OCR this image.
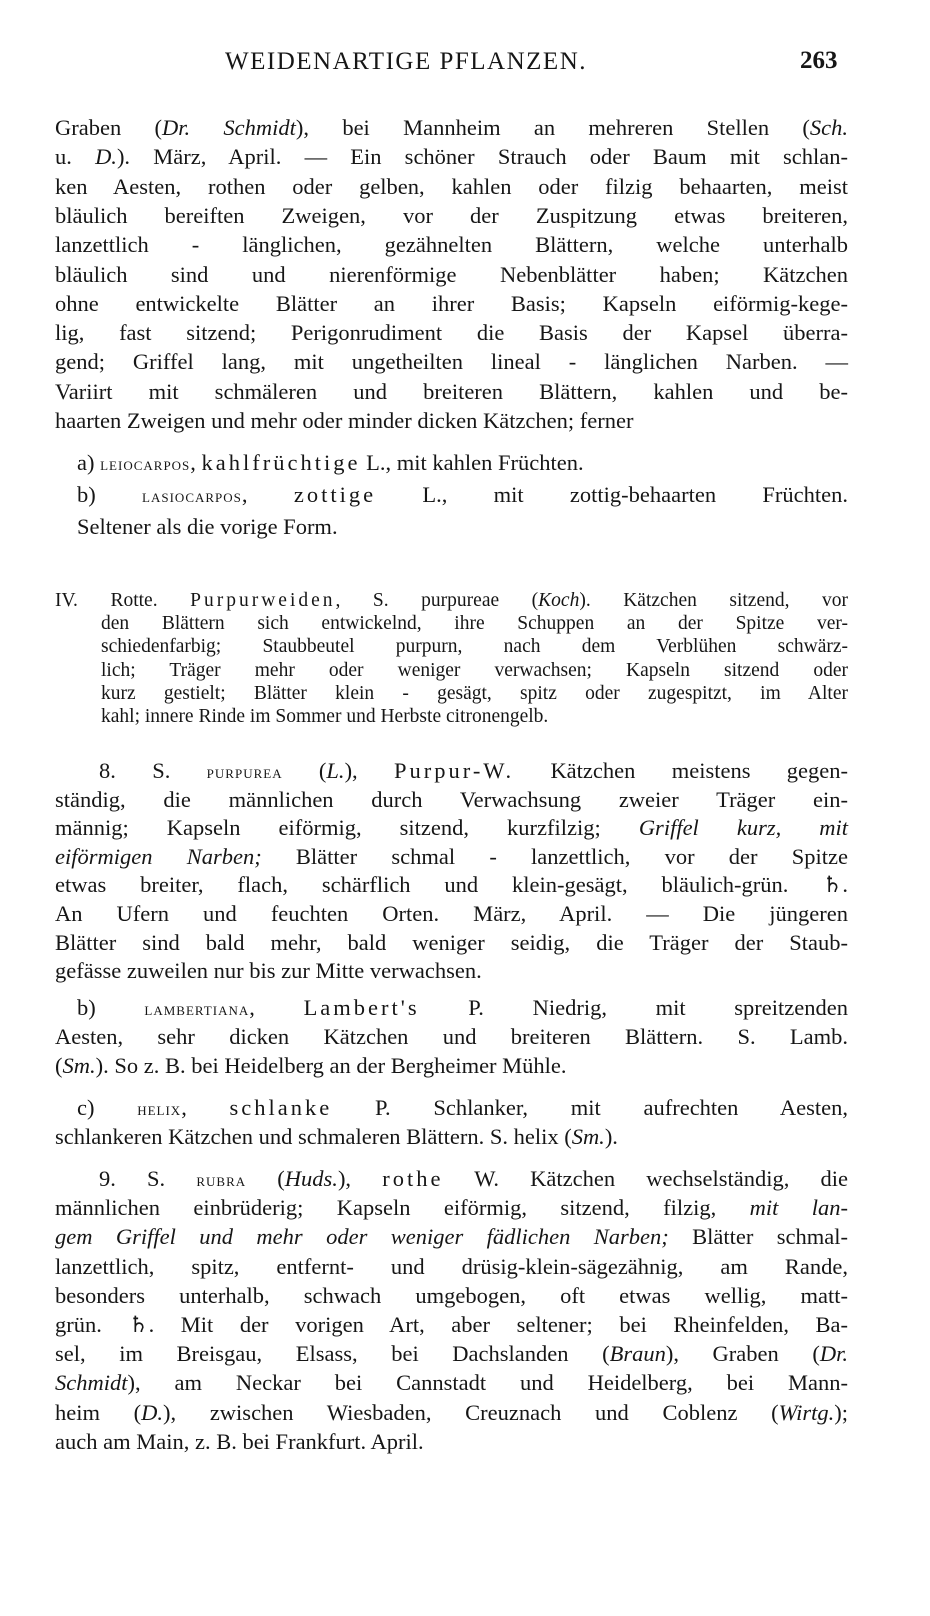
WEIDENARTIGE PFLANZEN.	263
Graben (Dr. Schmidt), bei Mannheim an mehreren Stellen (Sch.
u. D.). März, April. — Ein schöner Strauch oder Baum mit schlan-
ken Aesten, rothen oder gelben, kahlen oder filzig behaarten, meist
bläulich bereiften Zweigen, vor der Zuspitzung etwas breiteren,
lanzettlich - länglichen, gezähnelten Blättern, welche unterhalb
bläulich sind und nierenförmige Nebenblätter haben; Kätzchen
ohne entwickelte Blätter an ihrer Basis; Kapseln eiförmig-kege-
lig, fast sitzend; Perigonrudiment die Basis der Kapsel überra-
gend; Griffel lang, mit ungetheilten lineal - länglichen Narben. —
Variirt mit schmäleren und breiteren Blättern, kahlen und be-
haarten Zweigen und mehr oder minder dicken Kätzchen; ferner
a) leiocarpos, kahlfrüchtige L., mit kahlen Früchten.
b) lasiocarpos, zottige L., mit zottig-behaarten Früchten.
Seltener als die vorige Form.
IV. Rotte. Purpurweiden, S. purpureae (Koch). Kätzchen sitzend, vor
den Blättern sich entwickelnd, ihre Schuppen an der Spitze ver-
schiedenfarbig; Staubbeutel purpurn, nach dem Verblühen schwärz-
lich; Träger mehr oder weniger verwachsen; Kapseln sitzend oder
kurz gestielt; Blätter klein - gesägt, spitz oder zugespitzt, im Alter
kahl; innere Rinde im Sommer und Herbste citronengelb.
8. S. purpurea (L.), Purpur-W. Kätzchen meistens gegen-
ständig, die männlichen durch Verwachsung zweier Träger ein-
männig; Kapseln eiförmig, sitzend, kurzfilzig; Griffel kurz, mit
eiförmigen Narben; Blätter schmal - lanzettlich, vor der Spitze
etwas breiter, flach, schärflich und klein-gesägt, bläulich-grün. ♄.
An Ufern und feuchten Orten. März, April. — Die jüngeren
Blätter sind bald mehr, bald weniger seidig, die Träger der Staub-
gefässe zuweilen nur bis zur Mitte verwachsen.
b) lambertiana, Lambert's P. Niedrig, mit spreitzenden
Aesten, sehr dicken Kätzchen und breiteren Blättern. S. Lamb.
(Sm.). So z. B. bei Heidelberg an der Bergheimer Mühle.
c) helix, schlanke P. Schlanker, mit aufrechten Aesten,
schlankeren Kätzchen und schmaleren Blättern. S. helix (Sm.).
9. S. rubra (Huds.), rothe W. Kätzchen wechselständig, die
männlichen einbrüderig; Kapseln eiförmig, sitzend, filzig, mit lan-
gem Griffel und mehr oder weniger fädlichen Narben; Blätter schmal-
lanzettlich, spitz, entfernt- und drüsig-klein-sägezähnig, am Rande,
besonders unterhalb, schwach umgebogen, oft etwas wellig, matt-
grün. ♄. Mit der vorigen Art, aber seltener; bei Rheinfelden, Ba-
sel, im Breisgau, Elsass, bei Dachslanden (Braun), Graben (Dr.
Schmidt), am Neckar bei Cannstadt und Heidelberg, bei Mann-
heim (D.), zwischen Wiesbaden, Creuznach und Coblenz (Wirtg.);
auch am Main, z. B. bei Frankfurt. April.
